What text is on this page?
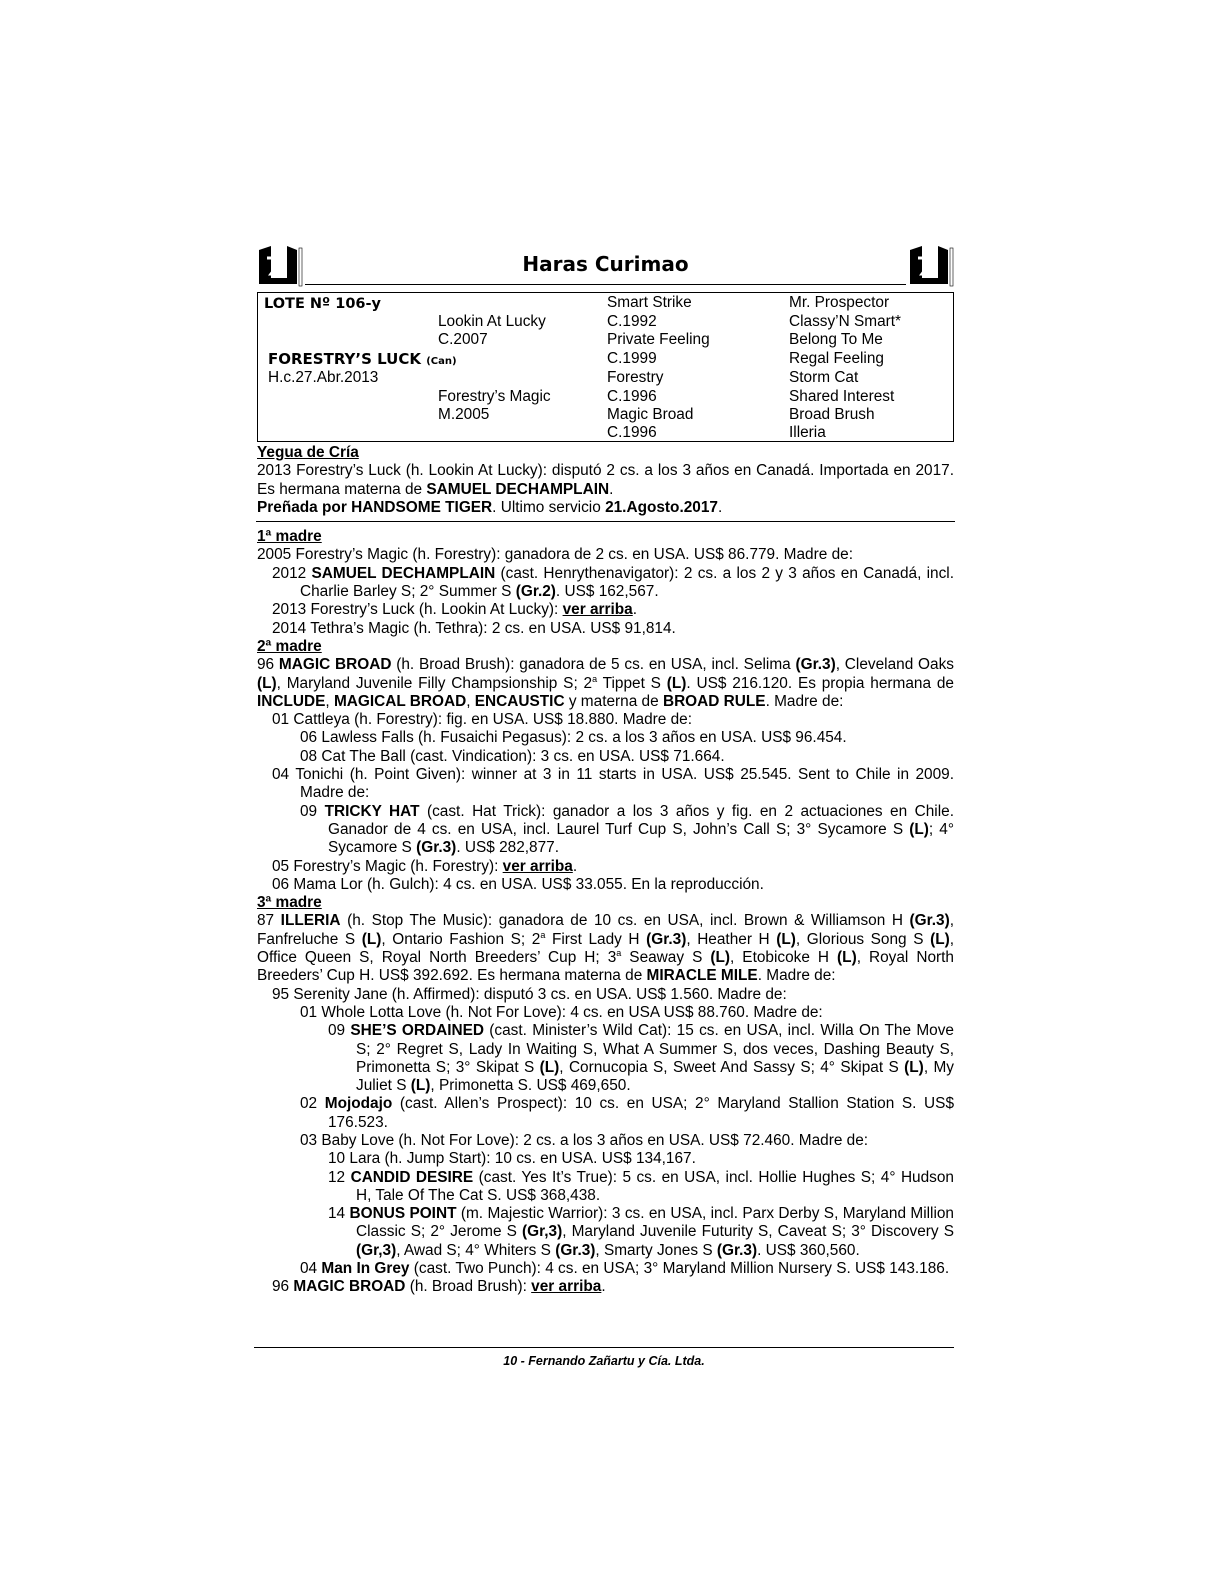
Haras Curimao
LOTE Nº 106-y
FORESTRY’S LUCK (Can)
H.c.27.Abr.2013
Lookin At Lucky
C.2007
Forestry’s Magic
M.2005
Smart Strike
C.1992
Private Feeling
C.1999
Forestry
C.1996
Magic Broad
C.1996
Mr. Prospector
Classy’N Smart*
Belong To Me
Regal Feeling
Storm Cat
Shared Interest
Broad Brush
Illeria
Yegua de Cría
2013 Forestry’s Luck (h. Lookin At Lucky): disputó 2 cs. a los 3 años en Canadá. Importada en 2017. Es hermana materna de SAMUEL DECHAMPLAIN.
Preñada por HANDSOME TIGER. Ultimo servicio 21.Agosto.2017.
1ª madre
2005 Forestry’s Magic (h. Forestry): ganadora de 2 cs. en USA. US$ 86.779. Madre de:
2012 SAMUEL DECHAMPLAIN (cast. Henrythenavigator): 2 cs. a los 2 y 3 años en Canadá, incl. Charlie Barley S; 2° Summer S (Gr.2). US$ 162,567.
2013 Forestry’s Luck (h. Lookin At Lucky): ver arriba.
2014 Tethra’s Magic (h. Tethra): 2 cs. en USA. US$ 91,814.
2ª madre
96 MAGIC BROAD (h. Broad Brush): ganadora de 5 cs. en USA, incl. Selima (Gr.3), Cleveland Oaks (L), Maryland Juvenile Filly Champsionship S; 2$^a$ Tippet S (L). US$ 216.120. Es propia hermana de INCLUDE, MAGICAL BROAD, ENCAUSTIC y materna de BROAD RULE. Madre de:
01 Cattleya (h. Forestry): fig. en USA. US$ 18.880. Madre de:
06 Lawless Falls (h. Fusaichi Pegasus): 2 cs. a los 3 años en USA. US$ 96.454.
08 Cat The Ball (cast. Vindication): 3 cs. en USA. US$ 71.664.
04 Tonichi (h. Point Given): winner at 3 in 11 starts in USA. US$ 25.545. Sent to Chile in 2009. Madre de:
09 TRICKY HAT (cast. Hat Trick): ganador a los 3 años y fig. en 2 actuaciones en Chile. Ganador de 4 cs. en USA, incl. Laurel Turf Cup S, John’s Call S; 3° Sycamore S (L); 4° Sycamore S (Gr.3). US$ 282,877.
05 Forestry’s Magic (h. Forestry): ver arriba.
06 Mama Lor (h. Gulch): 4 cs. en USA. US$ 33.055. En la reproducción.
3ª madre
87 ILLERIA (h. Stop The Music): ganadora de 10 cs. en USA, incl. Brown & Williamson H (Gr.3), Fanfreluche S (L), Ontario Fashion S; 2$^a$ First Lady H (Gr.3), Heather H (L), Glorious Song S (L), Office Queen S, Royal North Breeders’ Cup H; 3$^a$ Seaway S (L), Etobicoke H (L), Royal North Breeders’ Cup H. US$ 392.692. Es hermana materna de MIRACLE MILE. Madre de:
95 Serenity Jane (h. Affirmed): disputó 3 cs. en USA. US$ 1.560. Madre de:
01 Whole Lotta Love (h. Not For Love): 4 cs. en USA US$ 88.760. Madre de:
09 SHE’S ORDAINED (cast. Minister’s Wild Cat): 15 cs. en USA, incl. Willa On The Move S; 2° Regret S, Lady In Waiting S, What A Summer S, dos veces, Dashing Beauty S, Primonetta S; 3° Skipat S (L), Cornucopia S, Sweet And Sassy S; 4° Skipat S (L), My Juliet S (L), Primonetta S. US$ 469,650.
02 Mojodajo (cast. Allen’s Prospect): 10 cs. en USA; 2° Maryland Stallion Station S. US$ 176.523.
03 Baby Love (h. Not For Love): 2 cs. a los 3 años en USA. US$ 72.460. Madre de:
10 Lara (h. Jump Start): 10 cs. en USA. US$ 134,167.
12 CANDID DESIRE (cast. Yes It’s True): 5 cs. en USA, incl. Hollie Hughes S; 4° Hudson H, Tale Of The Cat S. US$ 368,438.
14 BONUS POINT (m. Majestic Warrior): 3 cs. en USA, incl. Parx Derby S, Maryland Million Classic S; 2° Jerome S (Gr,3), Maryland Juvenile Futurity S, Caveat S; 3° Discovery S (Gr,3), Awad S; 4° Whiters S (Gr.3), Smarty Jones S (Gr.3). US$ 360,560.
04 Man In Grey (cast. Two Punch): 4 cs. en USA; 3° Maryland Million Nursery S. US$ 143.186.
96 MAGIC BROAD (h. Broad Brush): ver arriba.
10 - Fernando Zañartu y Cía. Ltda.
